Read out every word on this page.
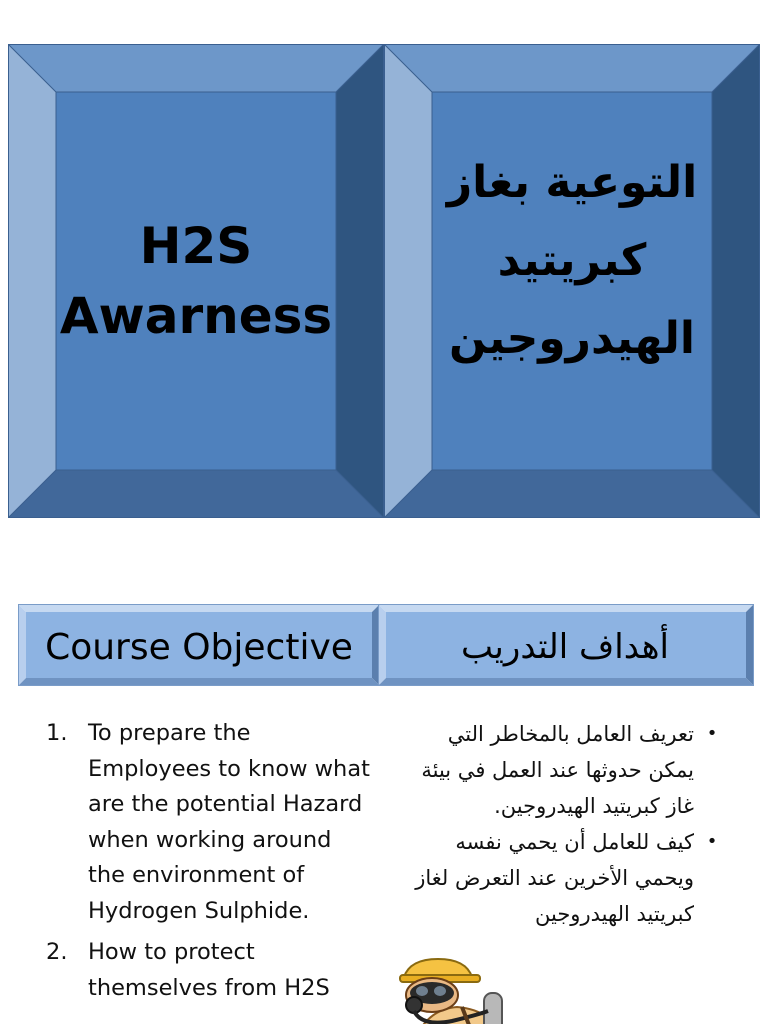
H2S
Awarness
التوعية بغاز
كبريتيد
الهيدروجين
Course Objective	أهداف التدريب
1. To prepare the Employees to know what are the potential Hazard when working around the environment of Hydrogen Sulphide.
2. How to protect themselves from H2S
•
تعريف العامل بالمخاطر التي يمكن حدوثها عند العمل في بيئة غاز كبريتيد الهيدروجين.
•
كيف للعامل أن يحمي نفسه ويحمي الأخرين عند التعرض لغاز كبريتيد الهيدروجين
